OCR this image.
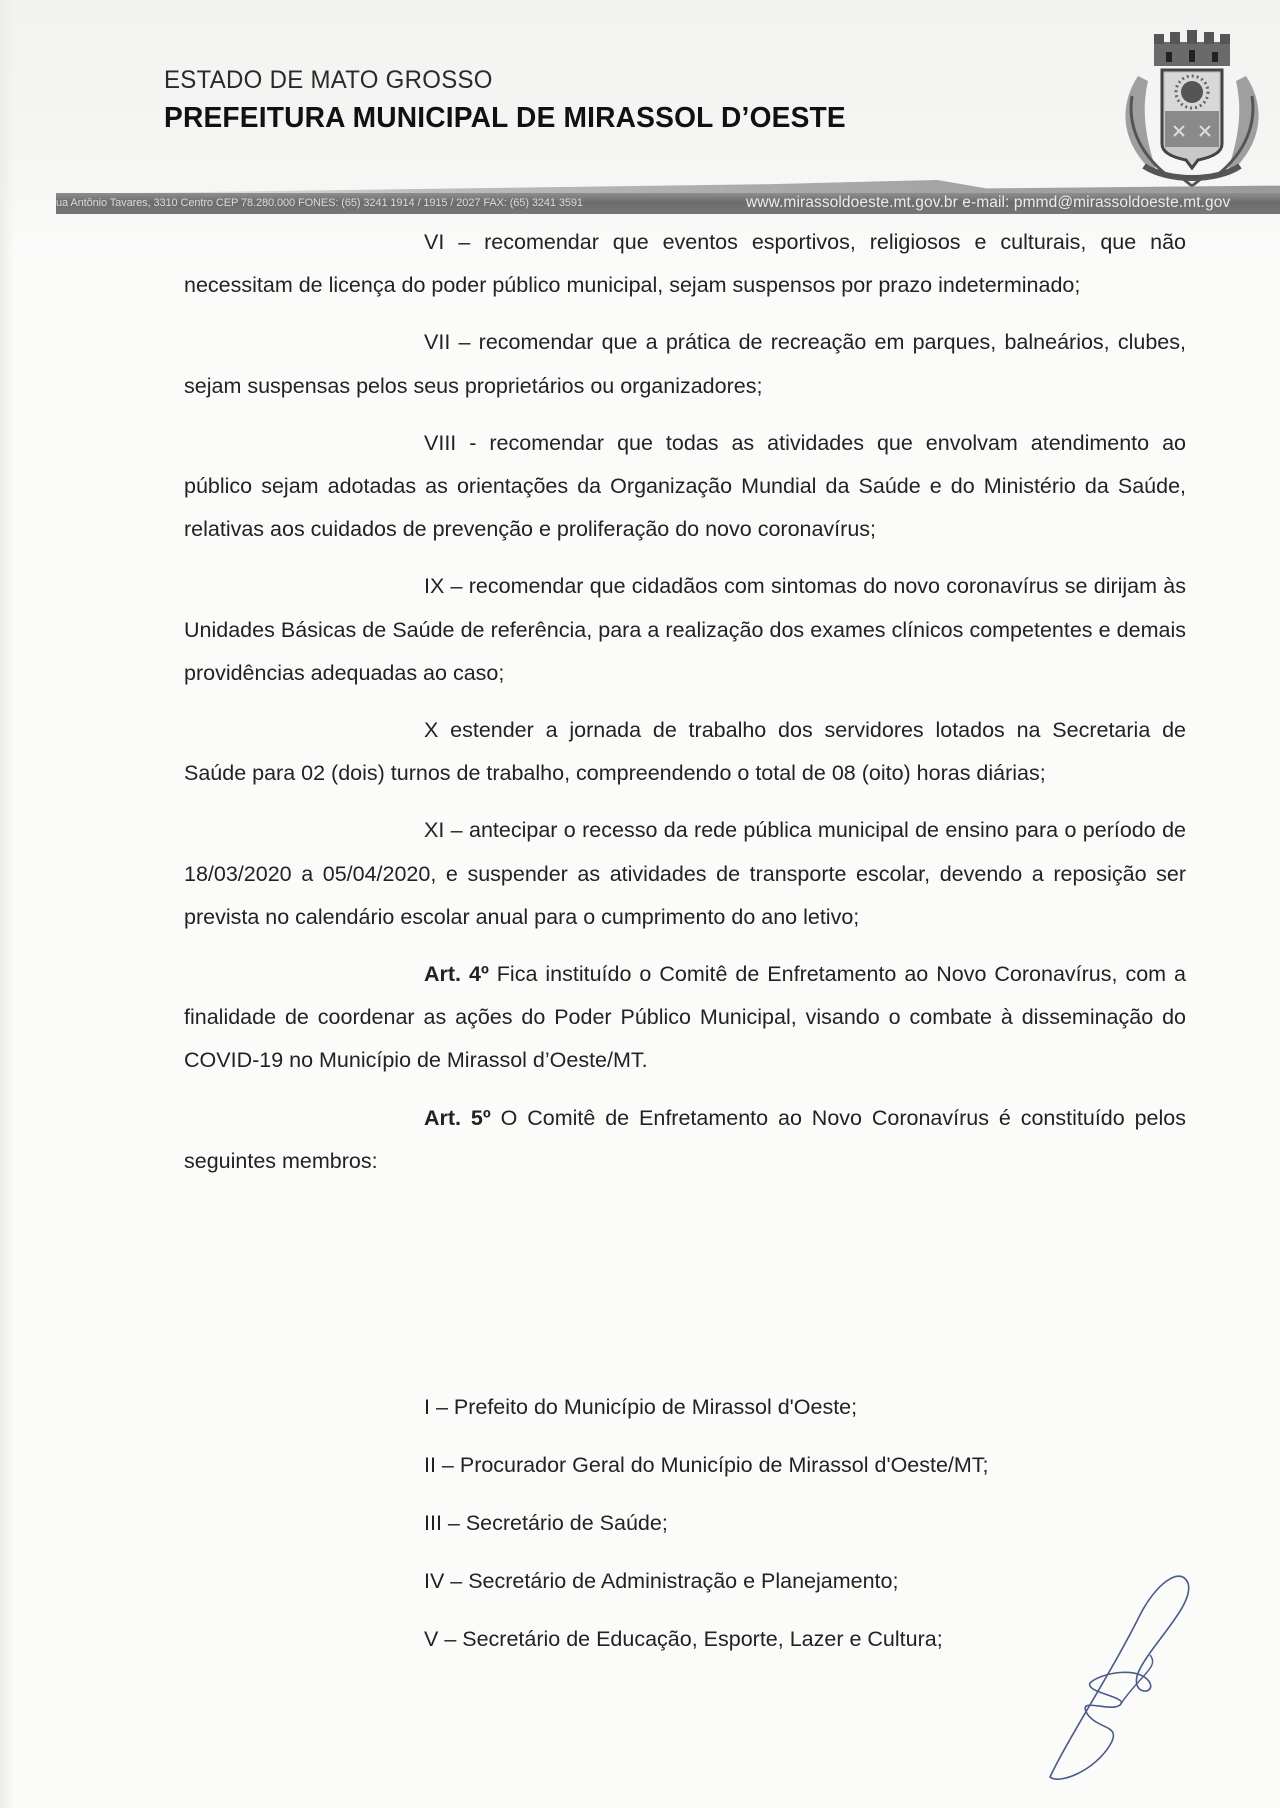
ESTADO DE MATO GROSSO
PREFEITURA MUNICIPAL DE MIRASSOL D’OESTE
ua Antônio Tavares, 3310 Centro CEP 78.280.000 FONES: (65) 3241 1914 / 1915 / 2027 FAX: (65) 3241 3591	www.mirassoldoeste.mt.gov.br e-mail: pmmd@mirassoldoeste.mt.gov

VI – recomendar que eventos esportivos, religiosos e culturais, que não necessitam de licença do poder público municipal, sejam suspensos por prazo indeterminado;

VII – recomendar que a prática de recreação em parques, balneários, clubes, sejam suspensas pelos seus proprietários ou organizadores;

VIII - recomendar que todas as atividades que envolvam atendimento ao público sejam adotadas as orientações da Organização Mundial da Saúde e do Ministério da Saúde, relativas aos cuidados de prevenção e proliferação do novo coronavírus;

IX – recomendar que cidadãos com sintomas do novo coronavírus se dirijam às Unidades Básicas de Saúde de referência, para a realização dos exames clínicos competentes e demais providências adequadas ao caso;

X estender a jornada de trabalho dos servidores lotados na Secretaria de Saúde para 02 (dois) turnos de trabalho, compreendendo o total de 08 (oito) horas diárias;

XI – antecipar o recesso da rede pública municipal de ensino para o período de 18/03/2020 a 05/04/2020, e suspender as atividades de transporte escolar, devendo a reposição ser prevista no calendário escolar anual para o cumprimento do ano letivo;

Art. 4º Fica instituído o Comitê de Enfretamento ao Novo Coronavírus, com a finalidade de coordenar as ações do Poder Público Municipal, visando o combate à disseminação do COVID-19 no Município de Mirassol d’Oeste/MT.

Art. 5º O Comitê de Enfretamento ao Novo Coronavírus é constituído pelos seguintes membros:

I – Prefeito do Município de Mirassol d'Oeste;
II – Procurador Geral do Município de Mirassol d'Oeste/MT;
III – Secretário de Saúde;
IV – Secretário de Administração e Planejamento;
V – Secretário de Educação, Esporte, Lazer e Cultura;
